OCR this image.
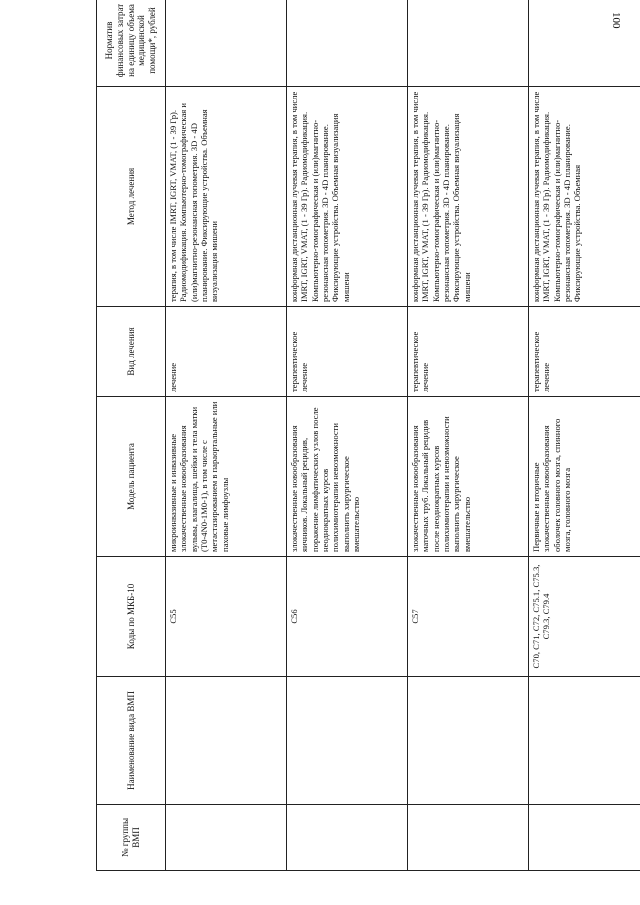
100
№ группы ВМП	Наименование вида ВМП	Коды по МКБ-10	Модель пациента	Вид лечения	Метод лечения	Норматив финансовых затрат на единицу объема медицинской помощи*, рублей
		C55	микроинвазивные и инвазивные злокачественные новообразования вульвы, влагалища, шейки и тела матки (T0-4N0-1M0-1), в том числе с метастазированием в параортальные или паховые лимфоузлы	лечение	терапия, в том числе IMRT, IGRT, VMAT, (1 - 39 Гр). Радиомодификация. Компьютерно-томографическая и (или)магнитно-резонансная топометрия. 3D - 4D планирование. Фиксирующие устройства. Объемная визуализация мишени	
		C56	злокачественные новообразования яичников. Локальный рецидив, поражение лимфатических узлов после неоднократных курсов полихимиотерапии невозможности выполнить хирургическое вмешательство	терапевтическое лечение	конформная дистанционная лучевая терапия, в том числе IMRT, IGRT, VMAT, (1 - 39 Гр). Радиомодификация. Компьютерно-томографическая и (или)магнитно-резонансная топометрия. 3D - 4D планирование. Фиксирующие устройства. Объемная визуализация мишени	
		C57	злокачественные новообразования маточных труб. Локальный рецидив после неоднократных курсов полихимиотерапии и невозможности выполнить хирургическое вмешательство	терапевтическое лечение	конформная дистанционная лучевая терапия, в том числе IMRT, IGRT, VMAT, (1 - 39 Гр). Радиомодификация. Компьютерно-томографическая и (или)магнитно-резонансная топометрия. 3D - 4D планирование. Фиксирующие устройства. Объемная визуализация мишени	
		C70, C71, C72, C75.1, C75.3, C79.3, C79.4	Первичные и вторичные злокачественные новообразования оболочек головного мозга, спинного мозга, головного мозга	терапевтическое лечение	конформная дистанционная лучевая терапия, в том числе IMRT, IGRT, VMAT, (1 - 39 Гр). Радиомодификация. Компьютерно-томографическая и (или)магнитно-резонансная топометрия. 3D - 4D планирование. Фиксирующие устройства. Объемная	
